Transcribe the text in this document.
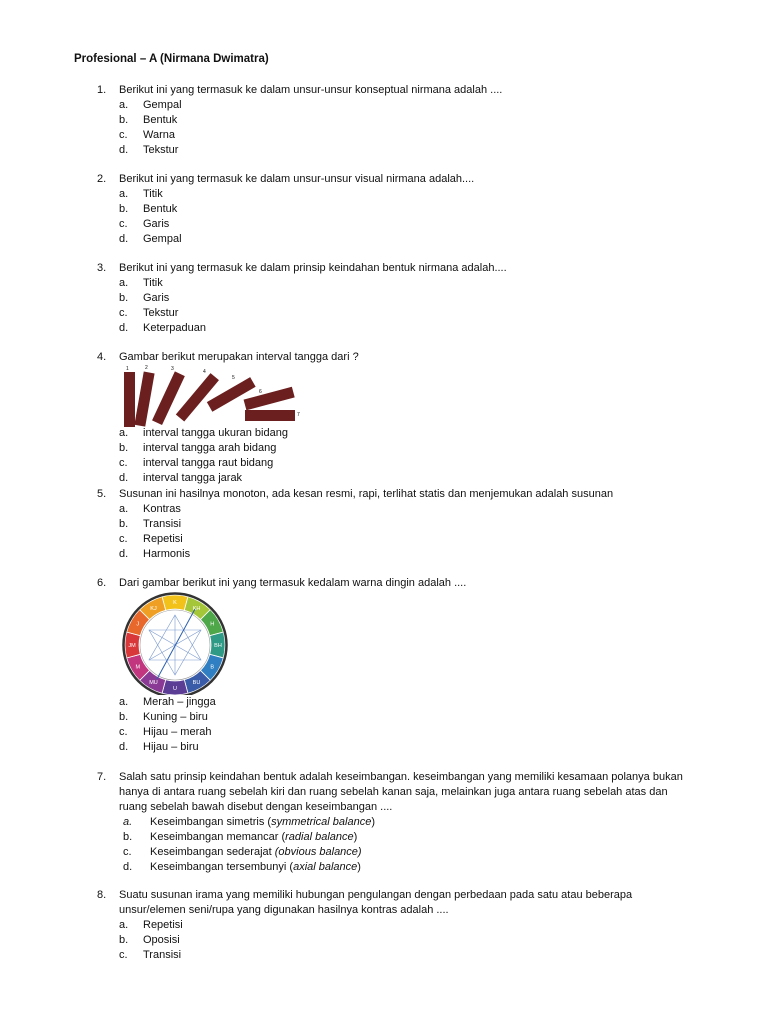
Profesional – A (Nirmana Dwimatra)
1. Berikut ini yang termasuk ke dalam unsur-unsur konseptual nirmana adalah ....
a.	Gempal
b.	Bentuk
c.	Warna
d.	Tekstur
2. Berikut ini yang termasuk ke dalam unsur-unsur visual nirmana adalah....
a.	Titik
b.	Bentuk
c.	Garis
d.	Gempal
3. Berikut ini yang termasuk ke dalam prinsip keindahan bentuk nirmana adalah....
a.	Titik
b.	Garis
c.	Tekstur
d.	Keterpaduan
4. Gambar berikut merupakan interval tangga dari ?
1	2	3	4
5
6
7
a.	interval tangga ukuran bidang
b.	interval tangga arah bidang
c.	interval tangga raut bidang
d.	interval tangga jarak
5. Susunan ini hasilnya monoton, ada kesan resmi, rapi, terlihat statis dan menjemukan adalah susunan
a.	Kontras
b.	Transisi
c.	Repetisi
d.	Harmonis
6. Dari gambar berikut ini yang termasuk kedalam warna dingin adalah ....
K
KH
H
BH
B
BU
U
MU
M
JM
J
KJ
a.	Merah – jingga
b.	Kuning – biru
c.	Hijau – merah
d.	Hijau – biru
7. Salah satu prinsip keindahan bentuk adalah keseimbangan. keseimbangan yang memiliki kesamaan polanya bukan hanya di antara ruang sebelah kiri dan ruang sebelah kanan saja, melainkan juga antara ruang sebelah atas dan ruang sebelah bawah disebut dengan keseimbangan ....
a.	Keseimbangan simetris (symmetrical balance)
b.	Keseimbangan memancar (radial balance)
c.	Keseimbangan sederajat (obvious balance)
d.	Keseimbangan tersembunyi (axial balance)
8. Suatu susunan irama yang memiliki hubungan pengulangan dengan perbedaan pada satu atau beberapa unsur/elemen seni/rupa yang digunakan hasilnya kontras adalah ....
a.	Repetisi
b.	Oposisi
c.	Transisi
